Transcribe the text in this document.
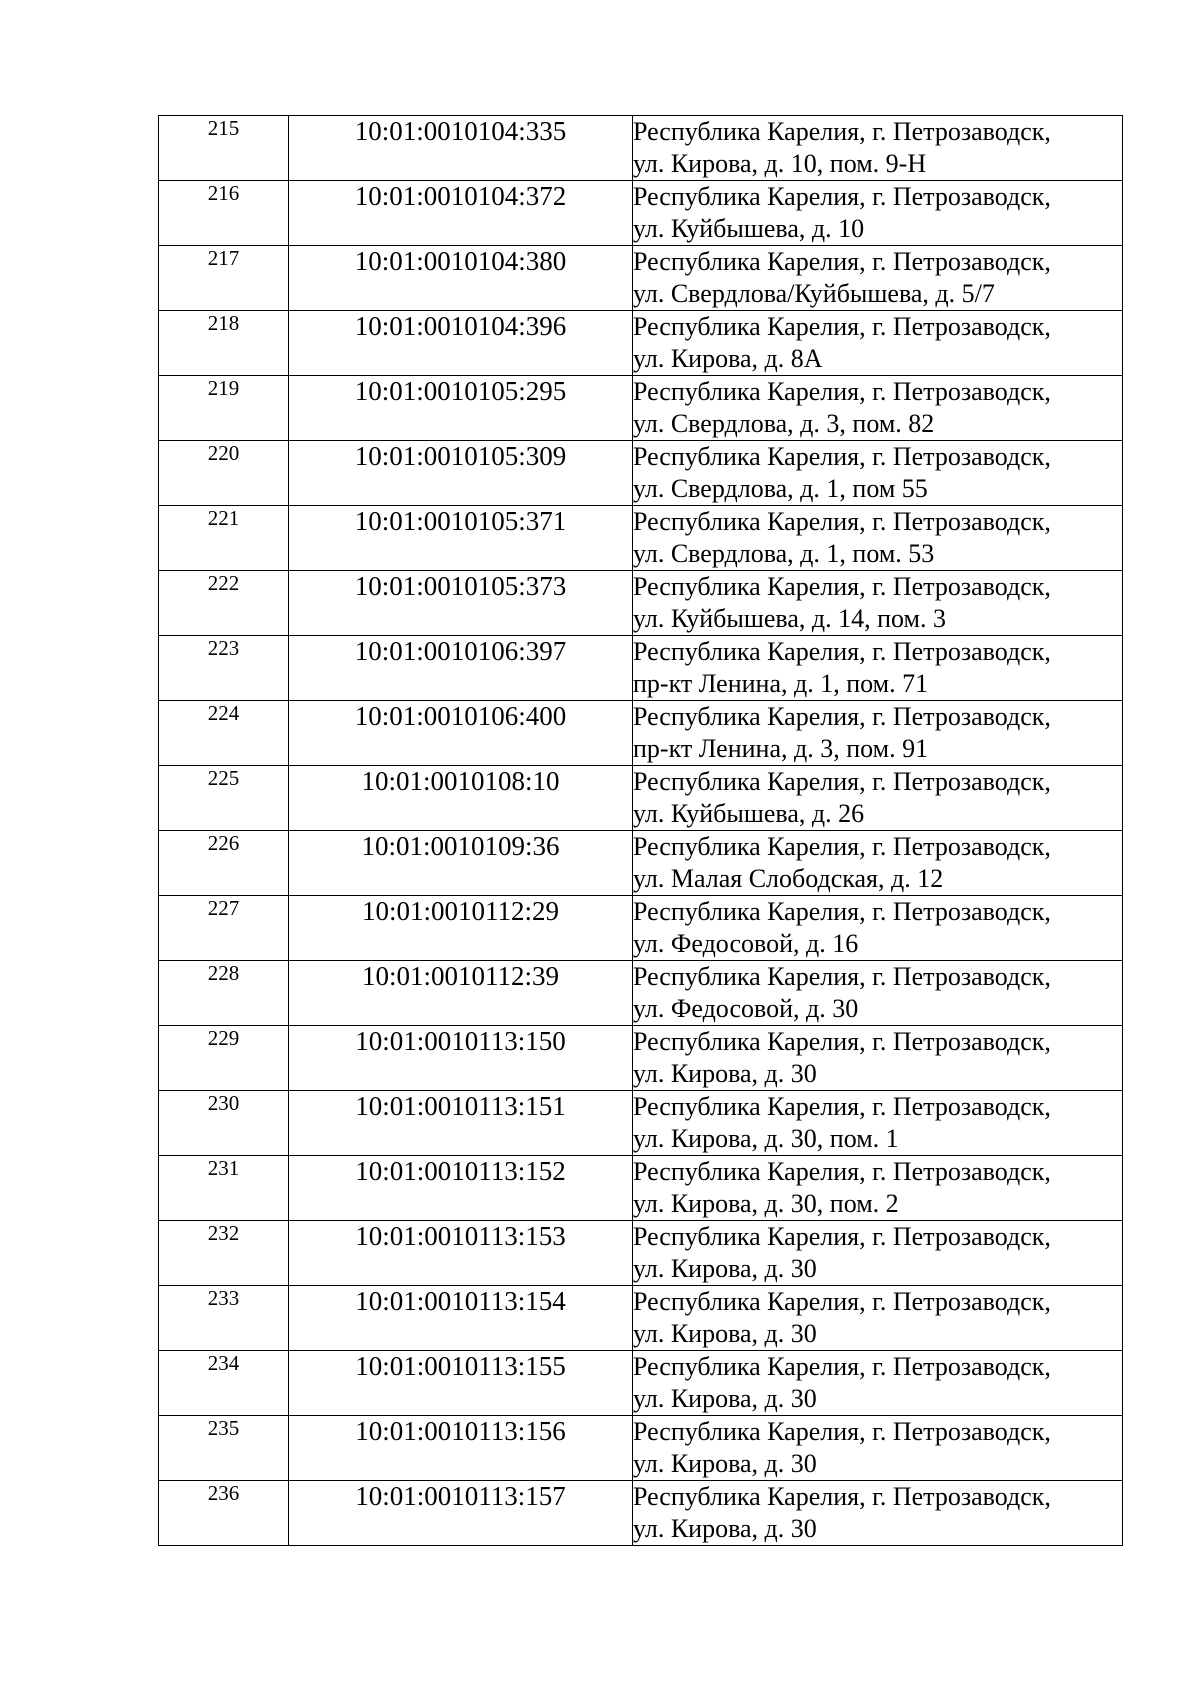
215	10:01:0010104:335	Республика Карелия, г. Петрозаводск,
ул. Кирова, д. 10, пом. 9-Н

216	10:01:0010104:372	Республика Карелия, г. Петрозаводск,
ул. Куйбышева, д. 10

217	10:01:0010104:380	Республика Карелия, г. Петрозаводск,
ул. Свердлова/Куйбышева, д. 5/7

218	10:01:0010104:396	Республика Карелия, г. Петрозаводск,
ул. Кирова, д. 8А

219	10:01:0010105:295	Республика Карелия, г. Петрозаводск,
ул. Свердлова, д. 3, пом. 82

220	10:01:0010105:309	Республика Карелия, г. Петрозаводск,
ул. Свердлова, д. 1, пом 55

221	10:01:0010105:371	Республика Карелия, г. Петрозаводск,
ул. Свердлова, д. 1, пом. 53

222	10:01:0010105:373	Республика Карелия, г. Петрозаводск,
ул. Куйбышева, д. 14, пом. 3

223	10:01:0010106:397	Республика Карелия, г. Петрозаводск,
пр-кт Ленина, д. 1, пом. 71

224	10:01:0010106:400	Республика Карелия, г. Петрозаводск,
пр-кт Ленина, д. 3, пом. 91

225	10:01:0010108:10	Республика Карелия, г. Петрозаводск,
ул. Куйбышева, д. 26

226	10:01:0010109:36	Республика Карелия, г. Петрозаводск,
ул. Малая Слободская, д. 12

227	10:01:0010112:29	Республика Карелия, г. Петрозаводск,
ул. Федосовой, д. 16

228	10:01:0010112:39	Республика Карелия, г. Петрозаводск,
ул. Федосовой, д. 30

229	10:01:0010113:150	Республика Карелия, г. Петрозаводск,
ул. Кирова, д. 30

230	10:01:0010113:151	Республика Карелия, г. Петрозаводск,
ул. Кирова, д. 30, пом. 1

231	10:01:0010113:152	Республика Карелия, г. Петрозаводск,
ул. Кирова, д. 30, пом. 2

232	10:01:0010113:153	Республика Карелия, г. Петрозаводск,
ул. Кирова, д. 30

233	10:01:0010113:154	Республика Карелия, г. Петрозаводск,
ул. Кирова, д. 30

234	10:01:0010113:155	Республика Карелия, г. Петрозаводск,
ул. Кирова, д. 30

235	10:01:0010113:156	Республика Карелия, г. Петрозаводск,
ул. Кирова, д. 30

236	10:01:0010113:157	Республика Карелия, г. Петрозаводск,
ул. Кирова, д. 30
